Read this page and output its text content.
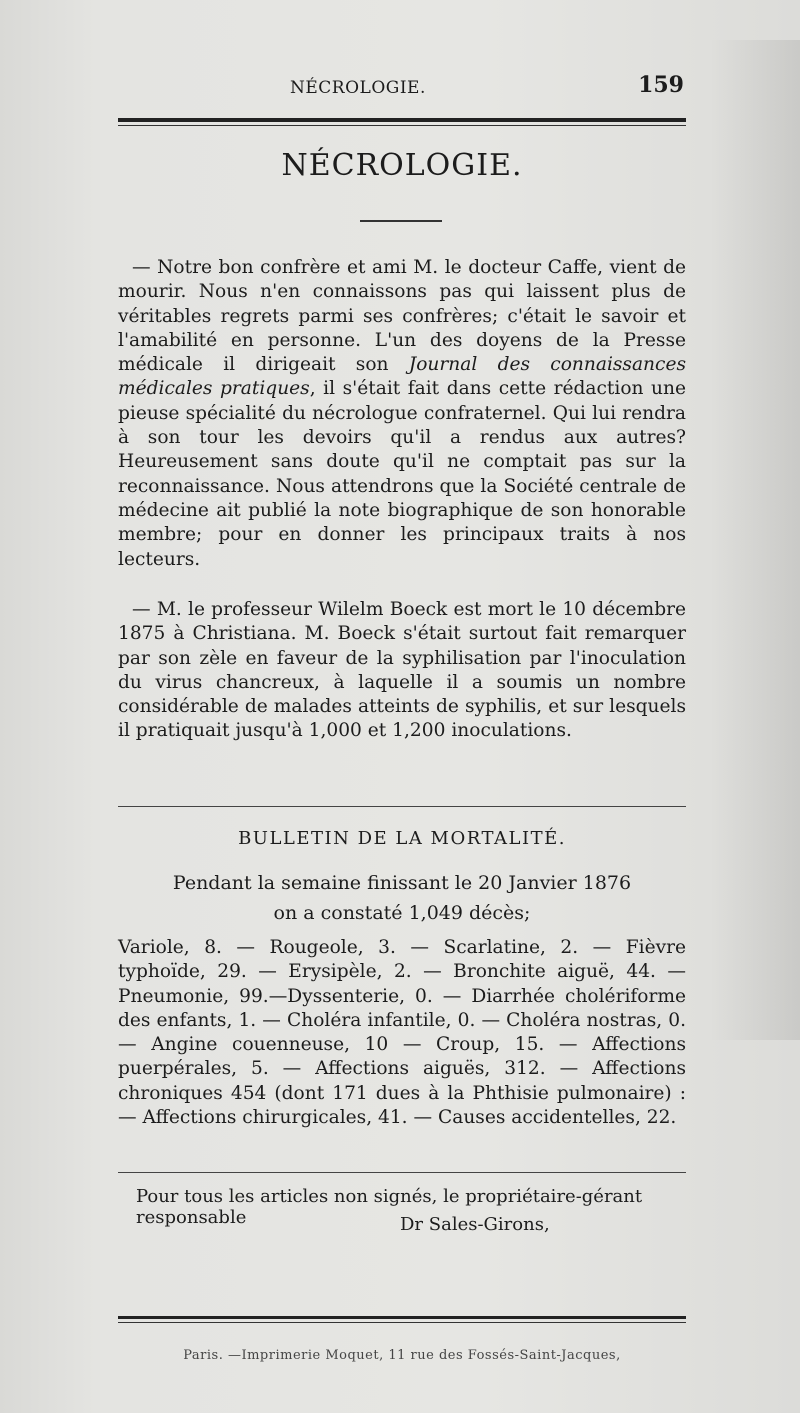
NÉCROLOGIE.	159
NÉCROLOGIE.

— Notre bon confrère et ami M. le docteur Caffe, vient de mourir. Nous n'en connaissons pas qui laissent plus de véritables regrets parmi ses confrères; c'était le savoir et l'amabilité en personne. L'un des doyens de la Presse médicale il dirigeait son Journal des connaissances médicales pratiques, il s'était fait dans cette rédaction une pieuse spécialité du nécrologue confraternel. Qui lui rendra à son tour les devoirs qu'il a rendus aux autres? Heureusement sans doute qu'il ne comptait pas sur la reconnaissance. Nous attendrons que la Société centrale de médecine ait publié la note biographique de son honorable membre; pour en donner les principaux traits à nos lecteurs.

— M. le professeur Wilelm Boeck est mort le 10 décembre 1875 à Christiana. M. Boeck s'était surtout fait remarquer par son zèle en faveur de la syphilisation par l'inoculation du virus chancreux, à laquelle il a soumis un nombre considérable de malades atteints de syphilis, et sur lesquels il pratiquait jusqu'à 1,000 et 1,200 inoculations.

BULLETIN DE LA MORTALITÉ.
Pendant la semaine finissant le 20 Janvier 1876
on a constaté 1,049 décès;

Variole, 8. — Rougeole, 3. — Scarlatine, 2. — Fièvre typhoïde, 29. — Erysipèle, 2. — Bronchite aiguë, 44. — Pneumonie, 99.—Dyssenterie, 0. — Diarrhée cholériforme des enfants, 1. — Choléra infantile, 0. — Choléra nostras, 0. — Angine couenneuse, 10 — Croup, 15. — Affections puerpérales, 5. — Affections aiguës, 312. — Affections chroniques 454 (dont 171 dues à la Phthisie pulmonaire) : — Affections chirurgicales, 41. — Causes accidentelles, 22.

Pour tous les articles non signés, le propriétaire-gérant responsable	Dr Sales-Girons,
Paris. —Imprimerie Moquet, 11 rue des Fossés-Saint-Jacques,
